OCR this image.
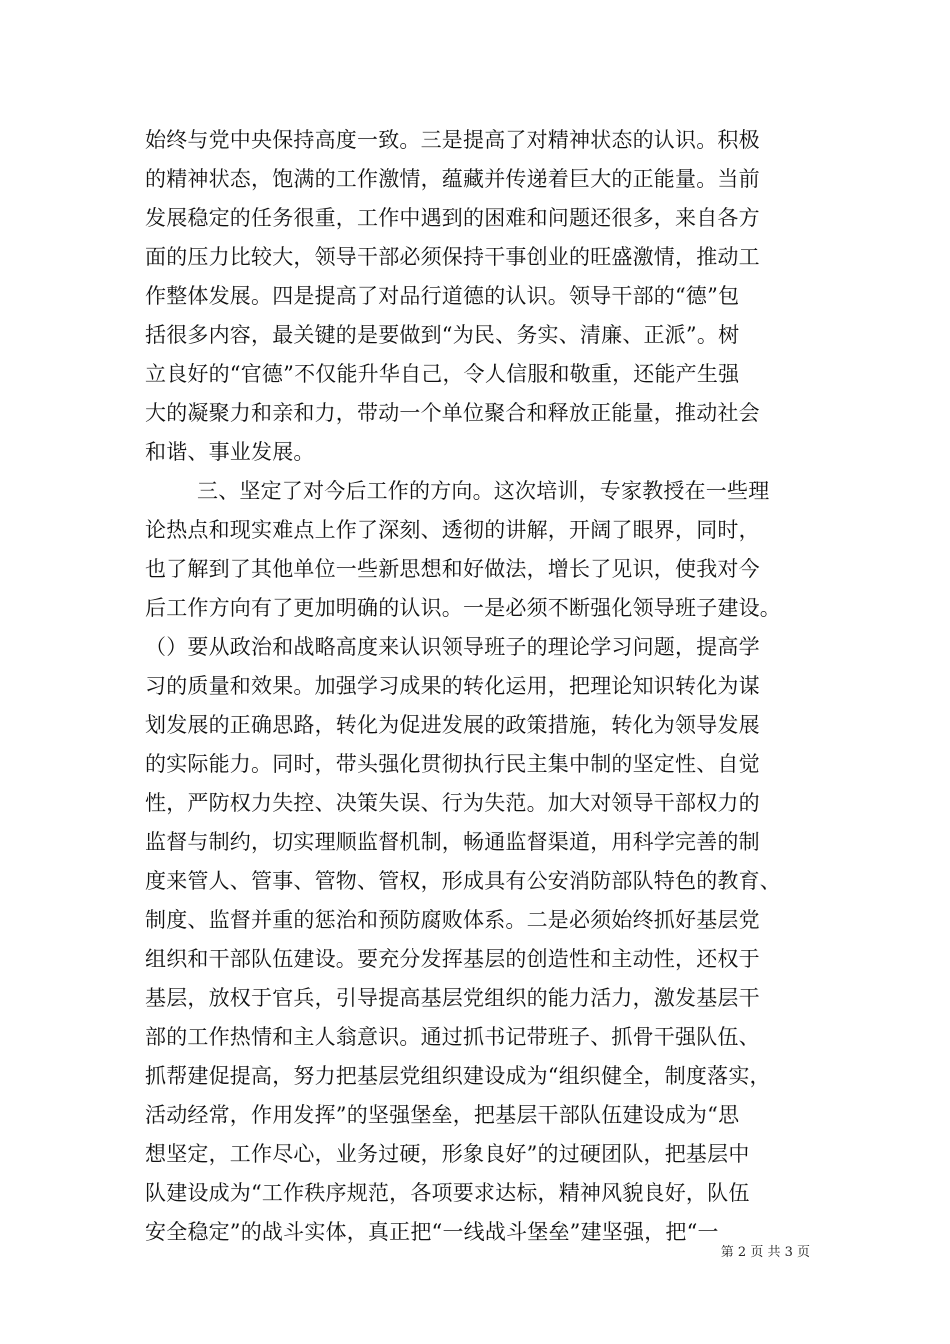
始终与党中央保持高度一致。三是提高了对精神状态的认识。积极
的精神状态，饱满的工作激情，蕴藏并传递着巨大的正能量。当前
发展稳定的任务很重，工作中遇到的困难和问题还很多，来自各方
面的压力比较大，领导干部必须保持干事创业的旺盛激情，推动工
作整体发展。四是提高了对品行道德的认识。领导干部的“德”包
括很多内容，最关键的是要做到“为民、务实、清廉、正派”。树
立良好的“官德”不仅能升华自己，令人信服和敬重，还能产生强
大的凝聚力和亲和力，带动一个单位聚合和释放正能量，推动社会
和谐、事业发展。
三、坚定了对今后工作的方向。这次培训，专家教授在一些理
论热点和现实难点上作了深刻、透彻的讲解，开阔了眼界，同时，
也了解到了其他单位一些新思想和好做法，增长了见识，使我对今
后工作方向有了更加明确的认识。一是必须不断强化领导班子建设。
（）要从政治和战略高度来认识领导班子的理论学习问题，提高学
习的质量和效果。加强学习成果的转化运用，把理论知识转化为谋
划发展的正确思路，转化为促进发展的政策措施，转化为领导发展
的实际能力。同时，带头强化贯彻执行民主集中制的坚定性、自觉
性，严防权力失控、决策失误、行为失范。加大对领导干部权力的
监督与制约，切实理顺监督机制，畅通监督渠道，用科学完善的制
度来管人、管事、管物、管权，形成具有公安消防部队特色的教育、
制度、监督并重的惩治和预防腐败体系。二是必须始终抓好基层党
组织和干部队伍建设。要充分发挥基层的创造性和主动性，还权于
基层，放权于官兵，引导提高基层党组织的能力活力，激发基层干
部的工作热情和主人翁意识。通过抓书记带班子、抓骨干强队伍、
抓帮建促提高，努力把基层党组织建设成为“组织健全，制度落实，
活动经常，作用发挥”的坚强堡垒，把基层干部队伍建设成为“思
想坚定，工作尽心，业务过硬，形象良好”的过硬团队，把基层中
队建设成为“工作秩序规范，各项要求达标，精神风貌良好，队伍
安全稳定”的战斗实体，真正把“一线战斗堡垒”建坚强，把“一
第 2 页 共 3 页
